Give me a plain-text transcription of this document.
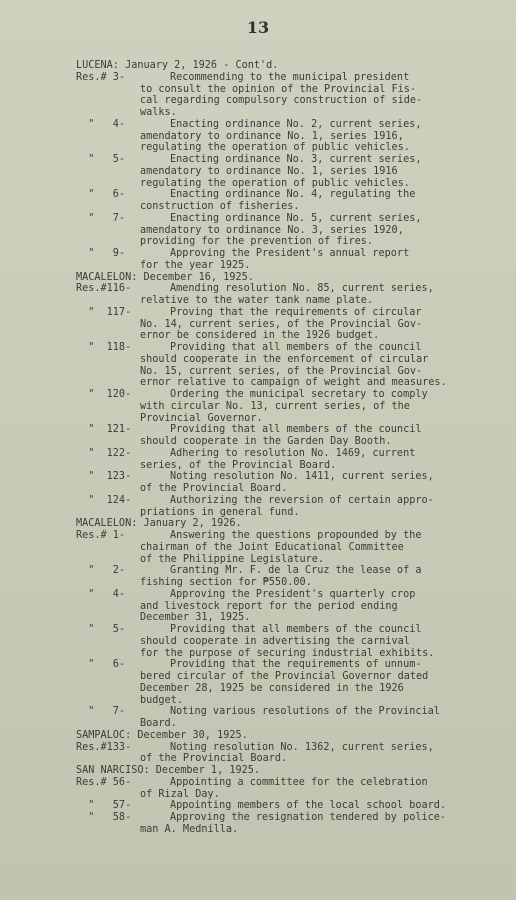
13
LUCENA: January 2, 1926 - Cont'd.
Res.# 3-	Recommending to the municipal president
to consult the opinion of the Provincial Fis-
cal regarding compulsory construction of side-
walks.
"   4-	Enacting ordinance No. 2, current series,
amendatory to ordinance No. 1, series 1916,
regulating the operation of public vehicles.
"   5-	Enacting ordinance No. 3, current series,
amendatory to ordinance No. 1, series 1916
regulating the operation of public vehicles.
"   6-	Enacting ordinance No. 4, regulating the
construction of fisheries.
"   7-	Enacting ordinance No. 5, current series,
amendatory to ordinance No. 3, series 1920,
providing for the prevention of fires.
"   9-	Approving the President's annual report
for the year 1925.
MACALELON: December 16, 1925.
Res.#116-	Amending resolution No. 85, current series,
relative to the water tank name plate.
"  117-	Proving that the requirements of circular
No. 14, current series, of the Provincial Gov-
ernor be considered in the 1926 budget.
"  118-	Providing that all members of the council
should cooperate in the enforcement of circular
No. 15, current series, of the Provincial Gov-
ernor relative to campaign of weight and measures.
"  120-	Ordering the municipal secretary to comply
with circular No. 13, current series, of the
Provincial Governor.
"  121-	Providing that all members of the council
should cooperate in the Garden Day Booth.
"  122-	Adhering to resolution No. 1469, current
series, of the Provincial Board.
"  123-	Noting resolution No. 1411, current series,
of the Provincial Board.
"  124-	Authorizing the reversion of certain appro-
priations in general fund.
MACALELON: January 2, 1926.
Res.# 1-	Answering the questions propounded by the
chairman of the Joint Educational Committee
of the Philippine Legislature.
"   2-	Granting Mr. F. de la Cruz the lease of a
fishing section for ₱550.00.
"   4-	Approving the President's quarterly crop
and livestock report for the period ending
December 31, 1925.
"   5-	Providing that all members of the council
should cooperate in advertising the carnival
for the purpose of securing industrial exhibits.
"   6-	Providing that the requirements of unnum-
bered circular of the Provincial Governor dated
December 28, 1925 be considered in the 1926
budget.
"   7-	Noting various resolutions of the Provincial
Board.
SAMPALOC: December 30, 1925.
Res.#133-	Noting resolution No. 1362, current series,
of the Provincial Board.
SAN NARCISO: December 1, 1925.
Res.# 56-	Appointing a committee for the celebration
of Rizal Day.
"   57-	Appointing members of the local school board.
"   58-	Approving the resignation tendered by police-
man A. Mednilla.
